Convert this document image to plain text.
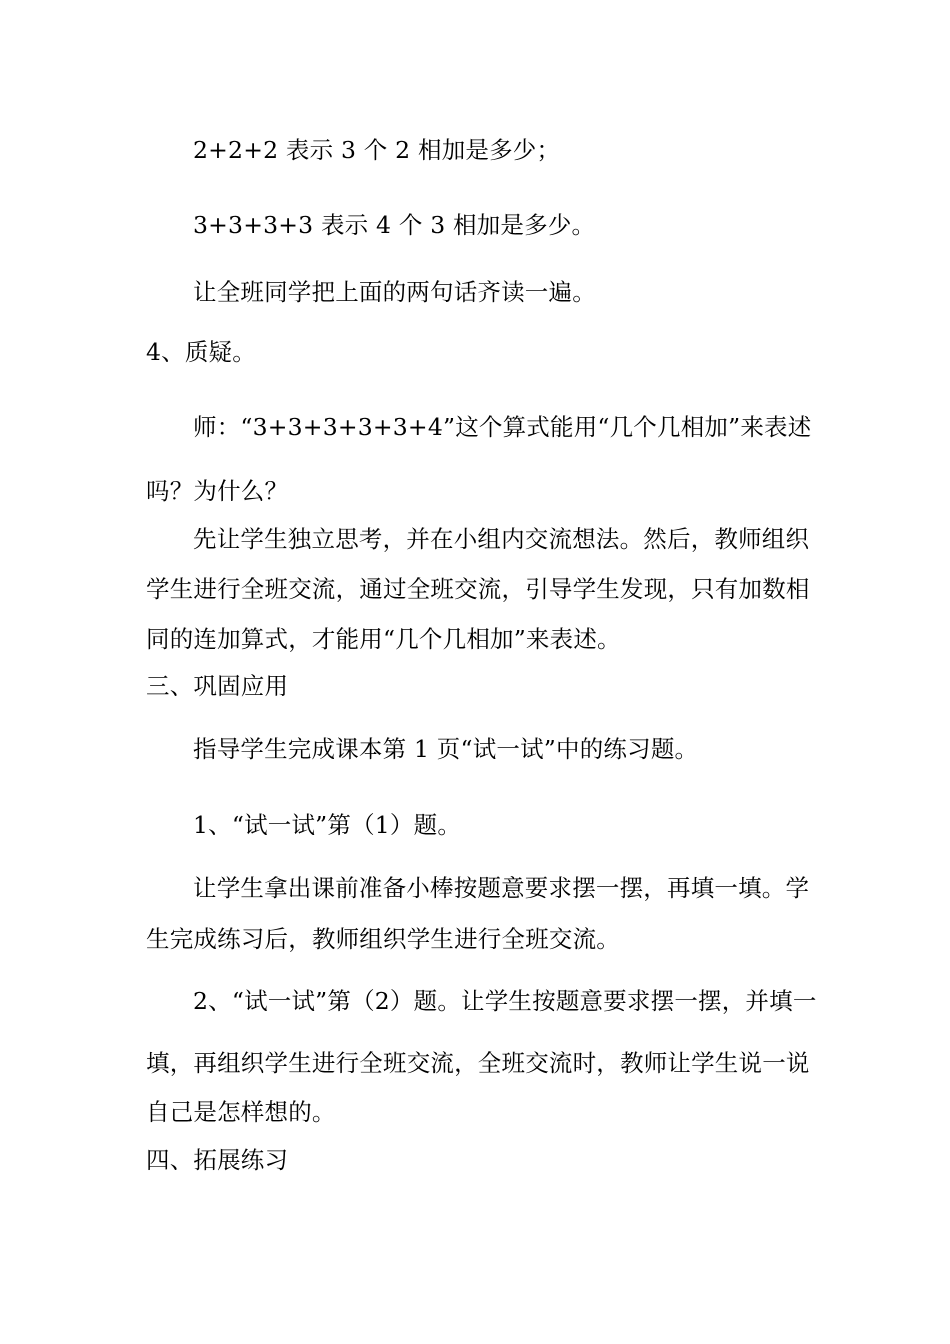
2+2+2 表示 3 个 2 相加是多少；
3+3+3+3 表示 4 个 3 相加是多少。
让全班同学把上面的两句话齐读一遍。
4、质疑。
师：“3+3+3+3+3+4”这个算式能用“几个几相加”来表述
吗？为什么？
先让学生独立思考，并在小组内交流想法。然后，教师组织
学生进行全班交流，通过全班交流，引导学生发现，只有加数相
同的连加算式，才能用“几个几相加”来表述。
三、巩固应用
指导学生完成课本第 1 页“试一试”中的练习题。
1、“试一试”第（1）题。
让学生拿出课前准备小棒按题意要求摆一摆，再填一填。学
生完成练习后，教师组织学生进行全班交流。
2、“试一试”第（2）题。让学生按题意要求摆一摆，并填一
填，再组织学生进行全班交流，全班交流时，教师让学生说一说
自己是怎样想的。
四、拓展练习
